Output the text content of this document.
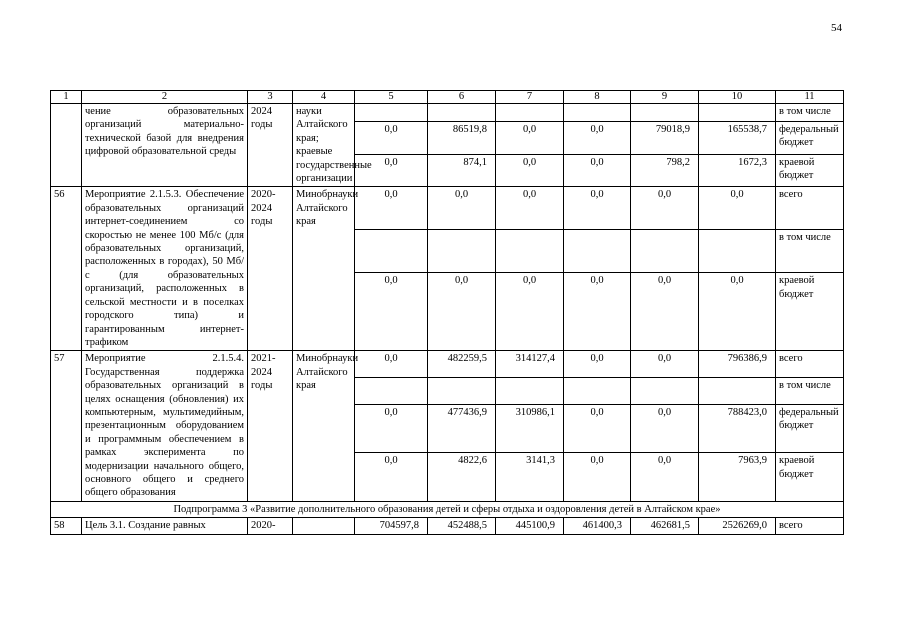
54
1	2	3	4	5	6	7	8	9	10	11
	чение образовательных организаций материально-технической базой для внедрения цифровой образовательной среды	2024 годы	науки Алтайского края; краевые государственные организации							в том числе
				0,0	86519,8	0,0	0,0	79018,9	165538,7	федеральный бюджет
				0,0	874,1	0,0	0,0	798,2	1672,3	краевой бюджет
56	Мероприятие 2.1.5.3. Обеспечение образовательных организаций интернет-соединением со скоростью не менее 100 Мб/с (для образовательных организаций, расположенных в городах), 50 Мб/с (для образовательных организаций, расположенных в сельской местности и в поселках городского типа) и гарантированным интернет-трафиком	2020-2024 годы	Минобрнауки Алтайского края	0,0	0,0	0,0	0,0	0,0	0,0	всего
										в том числе
				0,0	0,0	0,0	0,0	0,0	0,0	краевой бюджет
57	Мероприятие 2.1.5.4. Государственная поддержка образовательных организаций в целях оснащения (обновления) их компьютерным, мультимедийным, презентационным оборудованием и программным обеспечением в рамках эксперимента по модернизации начального общего, основного общего и среднего общего образования	2021-2024 годы	Минобрнауки Алтайского края	0,0	482259,5	314127,4	0,0	0,0	796386,9	всего
										в том числе
				0,0	477436,9	310986,1	0,0	0,0	788423,0	федеральный бюджет
				0,0	4822,6	3141,3	0,0	0,0	7963,9	краевой бюджет
Подпрограмма 3 «Развитие дополнительного образования детей и сферы отдыха и оздоровления детей в Алтайском крае»										
58	Цель 3.1. Создание равных	2020-		704597,8	452488,5	445100,9	461400,3	462681,5	2526269,0	всего
